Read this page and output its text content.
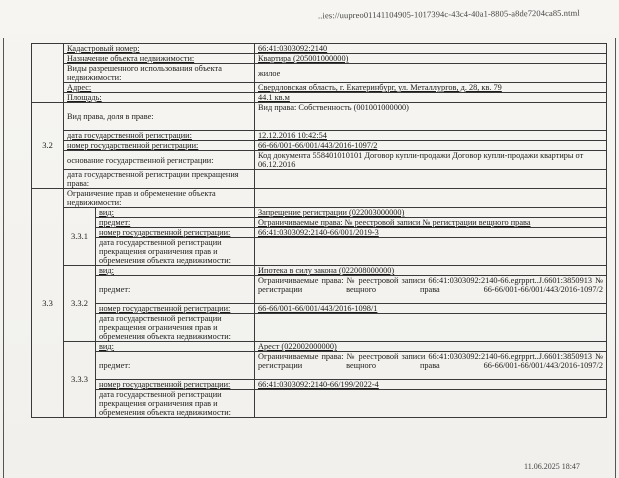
..ies://uupreo01141104905-1017394c-43c4-40a1-8805-a8de7204ca85.ntml
	Кадастровый номер:		66:41:0303092:2140
	Назначение объекта недвижимости:		Квартира (205001000000)
	Виды разрешенного использования объекта недвижимости:		жилое
	Адрес:		Свердловская область, г. Екатеринбург, ул. Металлургов, д. 28, кв. 79
	Площадь:		44.1 кв.м
3.2	Вид права, доля в праве:		Вид права: Собственность (001001000000)
	дата государственной регистрации:		12.12.2016 10:42:54
	номер государственной регистрации:		66-66/001-66/001/443/2016-1097/2
	основание государственной регистрации:		Код документа 558401010101 Договор купли-продажи Договор купли-продажи квартиры от 06.12.2016
	дата государственной регистрации прекращения права:		
3.3	Ограничение прав и обременение объекта недвижимости:		
	3.3.1	вид:	Запрещение регистрации (022003000000)
		предмет:	Ограничиваемые права: № реестровой записи № регистрации вещного права
		номер государственной регистрации:	66:41:0303092:2140-66/001/2019-3
		дата государственной регистрации прекращения ограничения прав и обременения объекта недвижимости:	
	3.3.2	вид:	Ипотека в силу закона (022008000000)
		предмет:	Ограничиваемые права: № реестровой записи 66:41:0303092:2140-66.egrpprt..J.6601:3850913 № регистрации вещного права 66-66/001-66/001/443/2016-1097/2
		номер государственной регистрации:	66-66/001-66/001/443/2016-1098/1
		дата государственной регистрации прекращения ограничения прав и обременения объекта недвижимости:	
	3.3.3	вид:	Арест (022002000000)
		предмет:	Ограничиваемые права: № реестровой записи 66:41:0303092:2140-66.egrpprt..J.6601:3850913 № регистрации вещного права 66-66/001-66/001/443/2016-1097/2
		номер государственной регистрации:	66:41:0303092:2140-66/199/2022-4
		дата государственной регистрации прекращения ограничения прав и обременения объекта недвижимости:	
11.06.2025 18:47
